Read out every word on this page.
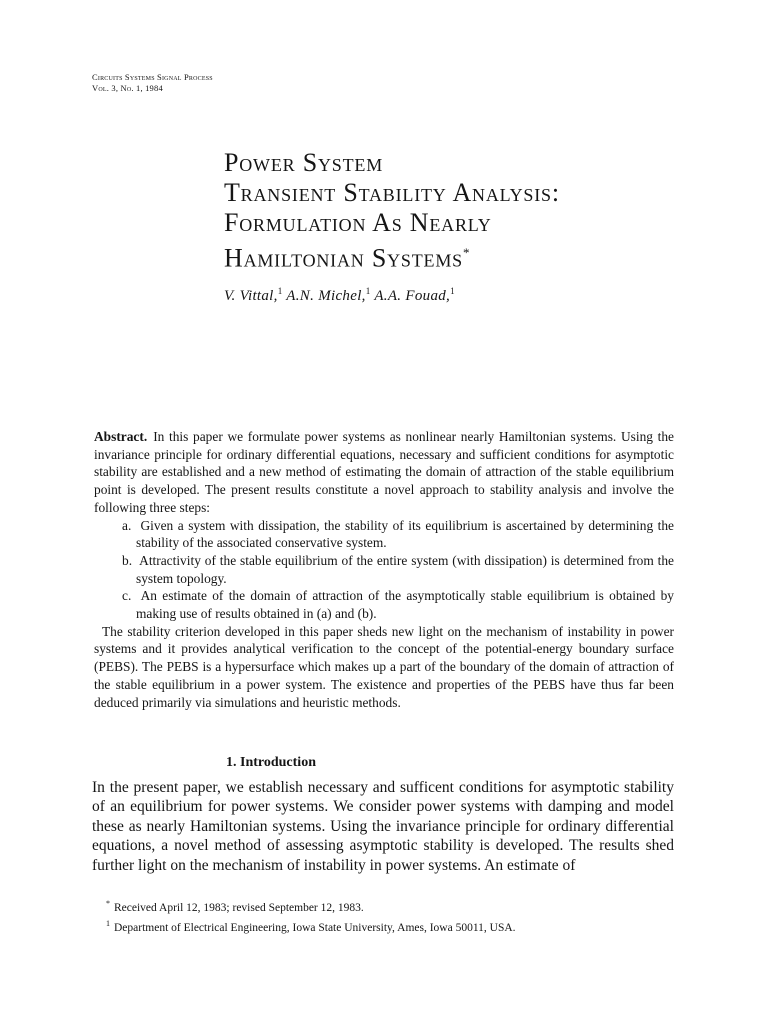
Circuits Systems Signal Process
Vol. 3, No. 1, 1984
Power System
Transient Stability Analysis:
Formulation As Nearly
Hamiltonian Systems*
V. Vittal,$^1$ A.N. Michel,$^1$ A.A. Fouad,$^1$

Abstract. In this paper we formulate power systems as nonlinear nearly Hamiltonian systems. Using the invariance principle for ordinary differential equations, necessary and sufficient conditions for asymptotic stability are established and a new method of estimating the domain of attraction of the stable equilibrium point is developed. The present results constitute a novel approach to stability analysis and involve the following three steps:

a. Given a system with dissipation, the stability of its equilibrium is ascertained by determining the stability of the associated conservative system.
b. Attractivity of the stable equilibrium of the entire system (with dissipation) is determined from the system topology.
c. An estimate of the domain of attraction of the asymptotically stable equilibrium is obtained by making use of results obtained in (a) and (b).

The stability criterion developed in this paper sheds new light on the mechanism of instability in power systems and it provides analytical verification to the concept of the potential-energy boundary surface (PEBS). The PEBS is a hypersurface which makes up a part of the boundary of the domain of attraction of the stable equilibrium in a power system. The existence and properties of the PEBS have thus far been deduced primarily via simulations and heuristic methods.

1. Introduction

In the present paper, we establish necessary and sufficent conditions for asymptotic stability of an equilibrium for power systems. We consider power systems with damping and model these as nearly Hamiltonian systems. Using the invariance principle for ordinary differential equations, a novel method of assessing asymptotic stability is developed. The results shed further light on the mechanism of instability in power systems. An estimate of

* Received April 12, 1983; revised September 12, 1983.
$^1$ Department of Electrical Engineering, Iowa State University, Ames, Iowa 50011, USA.
